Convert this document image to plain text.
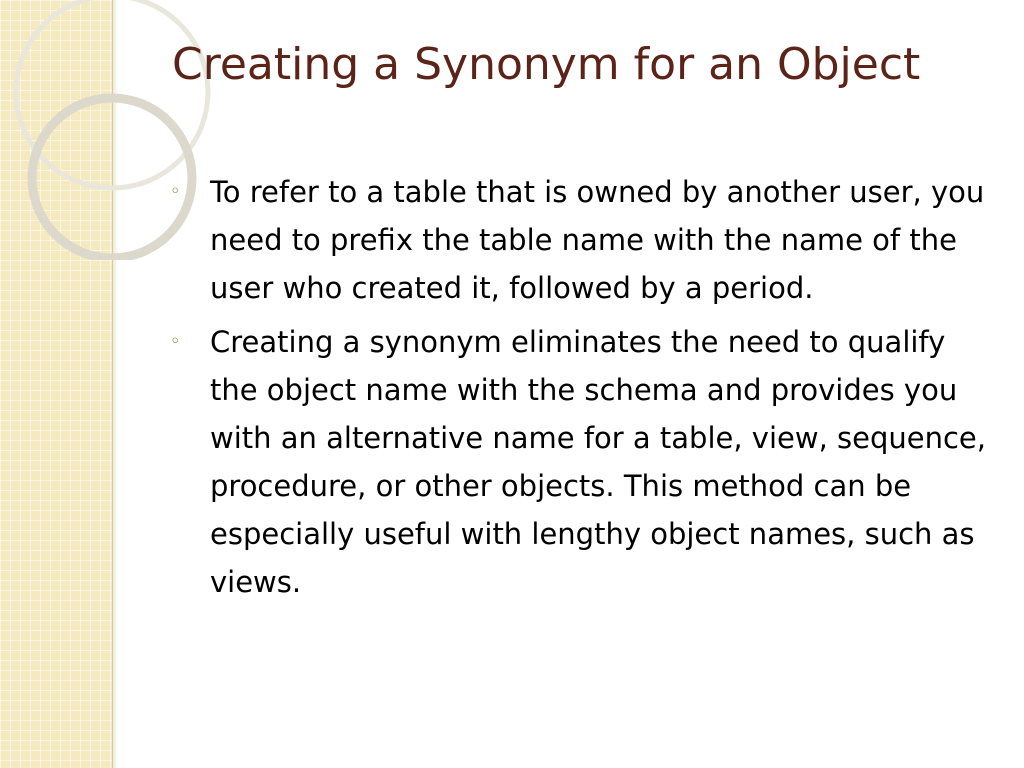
Creating a Synonym for an Object
◦ To refer to a table that is owned by another user, you need to prefix the table name with the name of the user who created it, followed by a period.
◦ Creating a synonym eliminates the need to qualify the object name with the schema and provides you with an alternative name for a table, view, sequence, procedure, or other objects. This method can be especially useful with lengthy object names, such as views.
